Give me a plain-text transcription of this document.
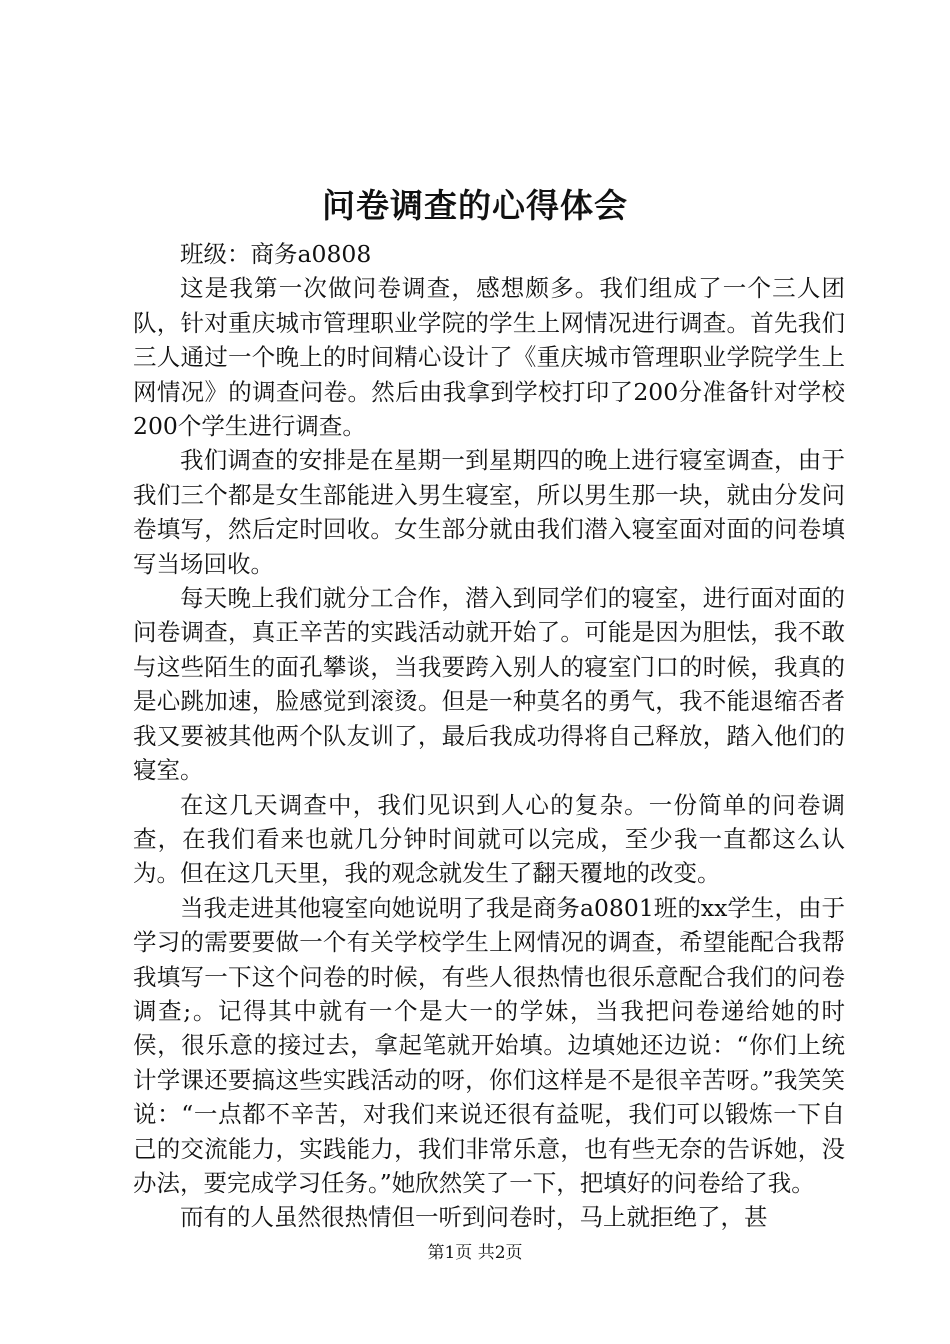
问卷调查的心得体会

班级：商务a0808

这是我第一次做问卷调查，感想颇多。我们组成了一个三人团队，针对重庆城市管理职业学院的学生上网情况进行调查。首先我们三人通过一个晚上的时间精心设计了《重庆城市管理职业学院学生上网情况》的调查问卷。然后由我拿到学校打印了200分准备针对学校200个学生进行调查。

我们调查的安排是在星期一到星期四的晚上进行寝室调查，由于我们三个都是女生部能进入男生寝室，所以男生那一块，就由分发问卷填写，然后定时回收。女生部分就由我们潜入寝室面对面的问卷填写当场回收。

每天晚上我们就分工合作，潜入到同学们的寝室，进行面对面的问卷调查，真正辛苦的实践活动就开始了。可能是因为胆怯，我不敢与这些陌生的面孔攀谈，当我要跨入别人的寝室门口的时候，我真的是心跳加速，脸感觉到滚烫。但是一种莫名的勇气，我不能退缩否者我又要被其他两个队友训了，最后我成功得将自己释放，踏入他们的寝室。

在这几天调查中，我们见识到人心的复杂。一份简单的问卷调查，在我们看来也就几分钟时间就可以完成，至少我一直都这么认为。但在这几天里，我的观念就发生了翻天覆地的改变。

当我走进其他寝室向她说明了我是商务a0801班的xx学生，由于学习的需要要做一个有关学校学生上网情况的调查，希望能配合我帮我填写一下这个问卷的时候，有些人很热情也很乐意配合我们的问卷调查;。记得其中就有一个是大一的学妹，当我把问卷递给她的时侯，很乐意的接过去，拿起笔就开始填。边填她还边说：“你们上统计学课还要搞这些实践活动的呀，你们这样是不是很辛苦呀。”我笑笑说：“一点都不辛苦，对我们来说还很有益呢，我们可以锻炼一下自己的交流能力，实践能力，我们非常乐意，也有些无奈的告诉她，没办法，要完成学习任务。”她欣然笑了一下，把填好的问卷给了我。

而有的人虽然很热情但一听到问卷时，马上就拒绝了，甚

第1页 共2页
